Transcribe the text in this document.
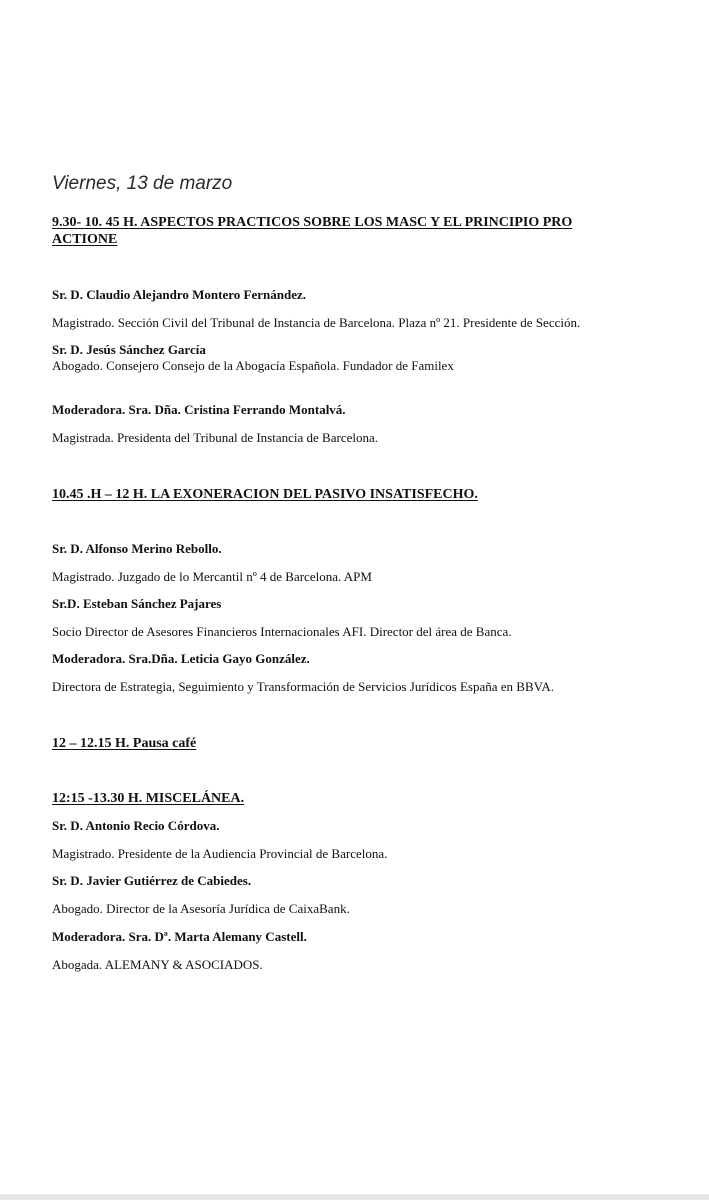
Viernes, 13 de marzo
9.30- 10. 45 H. ASPECTOS PRACTICOS SOBRE LOS MASC Y EL PRINCIPIO PRO
ACTIONE
Sr. D. Claudio Alejandro Montero Fernández.
Magistrado. Sección Civil del Tribunal de Instancia de Barcelona. Plaza nº 21. Presidente de Sección.
Sr. D. Jesús Sánchez García
Abogado. Consejero Consejo de la Abogacía Española. Fundador de Familex
Moderadora. Sra. Dña. Cristina Ferrando Montalvá.
Magistrada. Presidenta del Tribunal de Instancia de Barcelona.
10.45 .H – 12 H. LA EXONERACION DEL PASIVO INSATISFECHO.
Sr. D. Alfonso Merino Rebollo.
Magistrado. Juzgado de lo Mercantil nº 4 de Barcelona. APM
Sr.D. Esteban Sánchez Pajares
Socio Director de Asesores Financieros Internacionales AFI. Director del área de Banca.
Moderadora. Sra.Dña. Leticia Gayo González.
Directora de Estrategia, Seguimiento y Transformación de Servicios Jurídicos España en BBVA.
12 – 12.15 H. Pausa café
12:15 -13.30 H. MISCELÁNEA.
Sr. D. Antonio Recio Córdova.
Magistrado. Presidente de la Audiencia Provincial de Barcelona.
Sr. D. Javier Gutiérrez de Cabiedes.
Abogado. Director de la Asesoría Jurídica de CaixaBank.
Moderadora. Sra. Dª. Marta Alemany Castell.
Abogada. ALEMANY & ASOCIADOS.
